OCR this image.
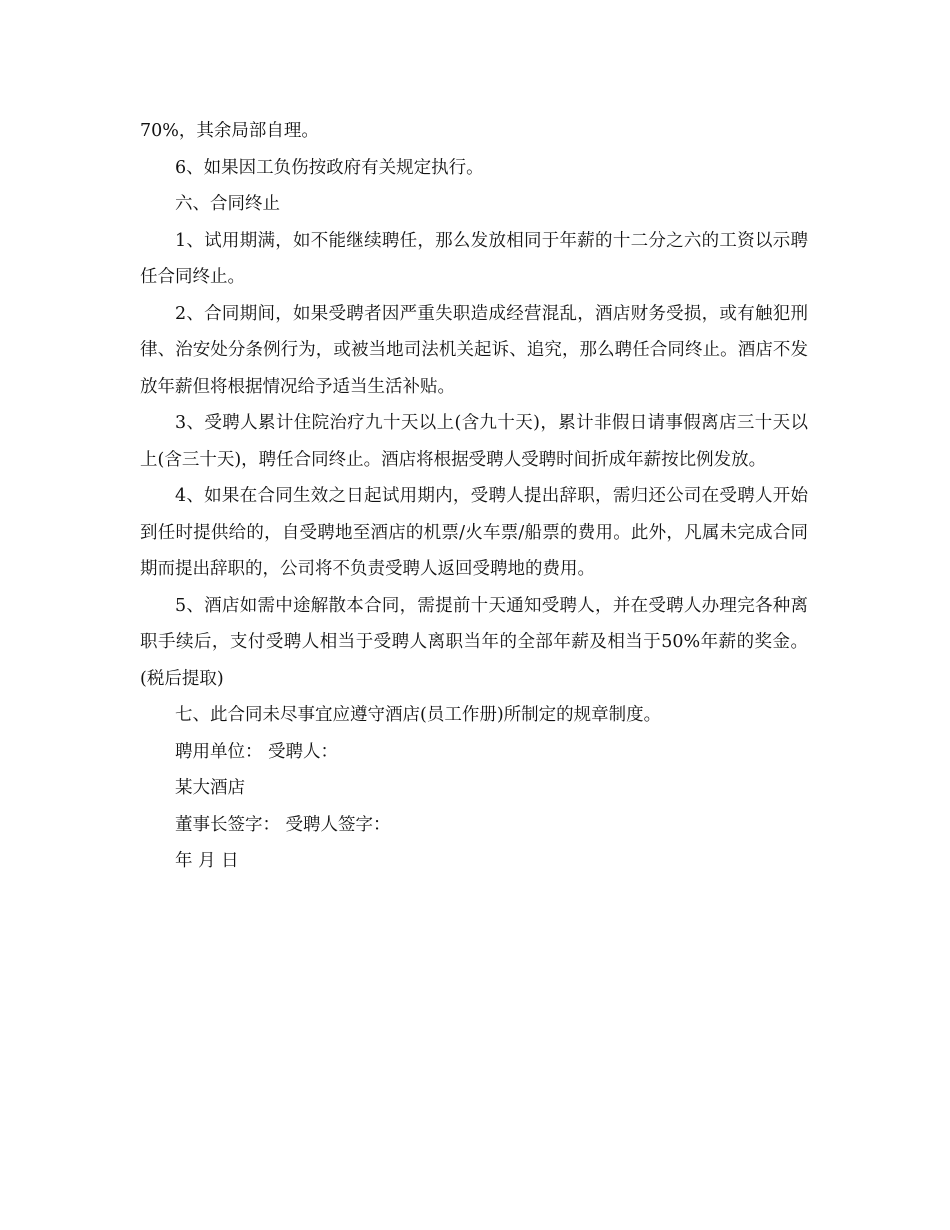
70%，其余局部自理。

6、如果因工负伤按政府有关规定执行。

六、合同终止

1、试用期满，如不能继续聘任，那么发放相同于年薪的十二分之六的工资以示聘任合同终止。

2、合同期间，如果受聘者因严重失职造成经营混乱，酒店财务受损，或有触犯刑律、治安处分条例行为，或被当地司法机关起诉、追究，那么聘任合同终止。酒店不发放年薪但将根据情况给予适当生活补贴。

3、受聘人累计住院治疗九十天以上(含九十天)，累计非假日请事假离店三十天以上(含三十天)，聘任合同终止。酒店将根据受聘人受聘时间折成年薪按比例发放。

4、如果在合同生效之日起试用期内，受聘人提出辞职，需归还公司在受聘人开始到任时提供给的，自受聘地至酒店的机票/火车票/船票的费用。此外，凡属未完成合同期而提出辞职的，公司将不负责受聘人返回受聘地的费用。

5、酒店如需中途解散本合同，需提前十天通知受聘人，并在受聘人办理完各种离职手续后，支付受聘人相当于受聘人离职当年的全部年薪及相当于50%年薪的奖金。(税后提取)

七、此合同未尽事宜应遵守酒店(员工作册)所制定的规章制度。

聘用单位： 受聘人：

某大酒店

董事长签字： 受聘人签字：

年 月 日
